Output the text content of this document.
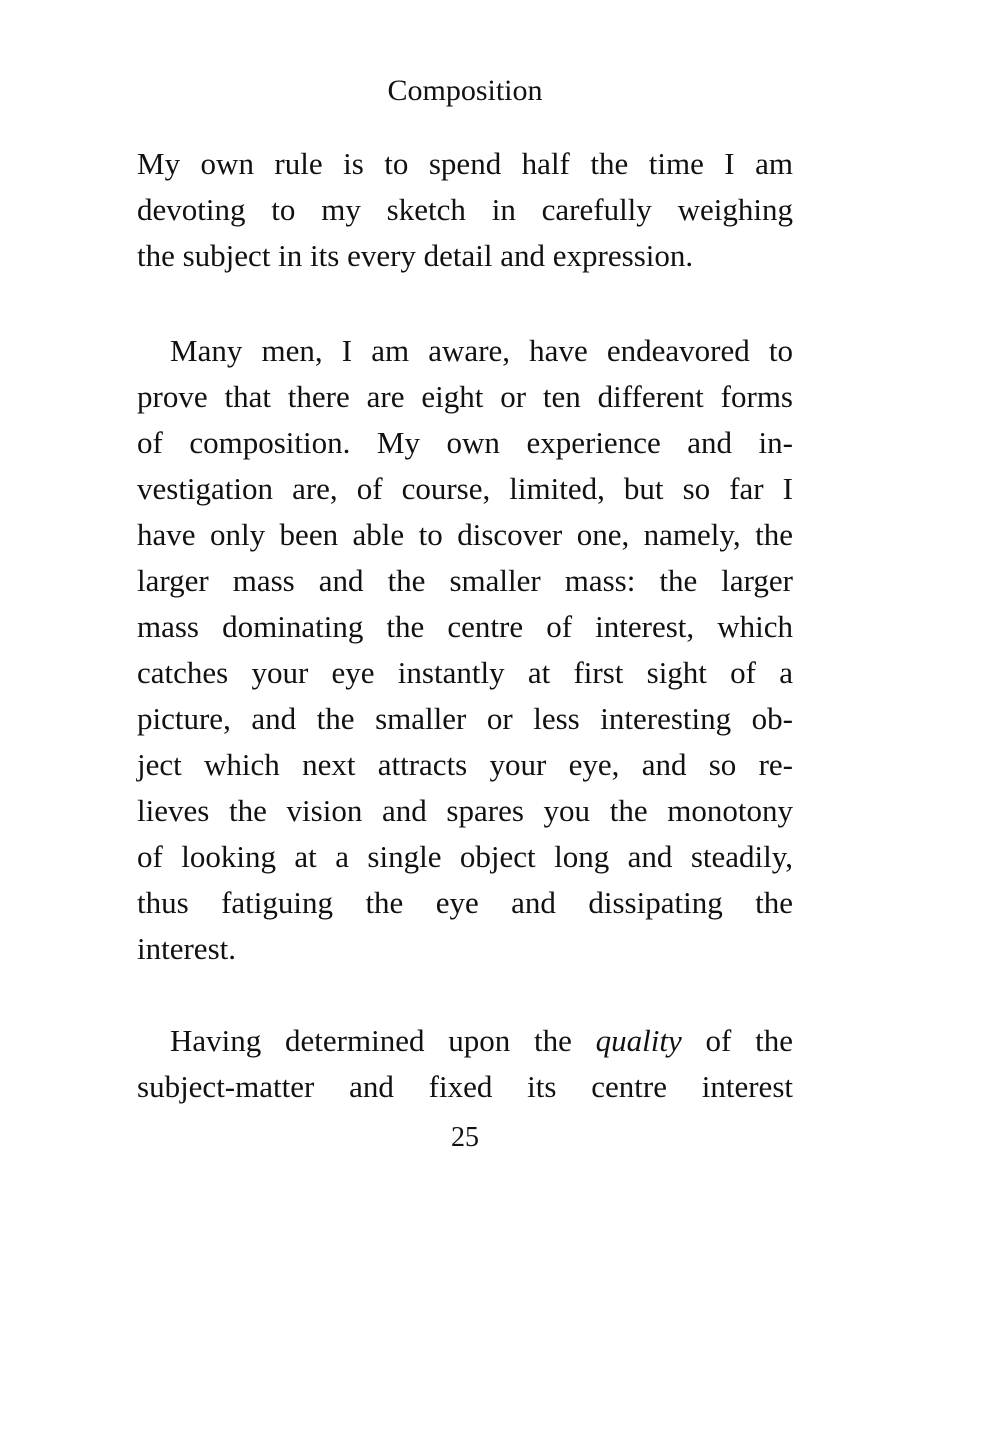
Composition
My own rule is to spend half the time I am
devoting to my sketch in carefully weighing
the subject in its every detail and expression.
Many men, I am aware, have endeavored to
prove that there are eight or ten different forms
of composition. My own experience and in-
vestigation are, of course, limited, but so far I
have only been able to discover one, namely, the
larger mass and the smaller mass: the larger
mass dominating the centre of interest, which
catches your eye instantly at first sight of a
picture, and the smaller or less interesting ob-
ject which next attracts your eye, and so re-
lieves the vision and spares you the monotony
of looking at a single object long and steadily,
thus fatiguing the eye and dissipating the
interest.
Having determined upon the quality of the
subject-matter and fixed its centre interest
25
